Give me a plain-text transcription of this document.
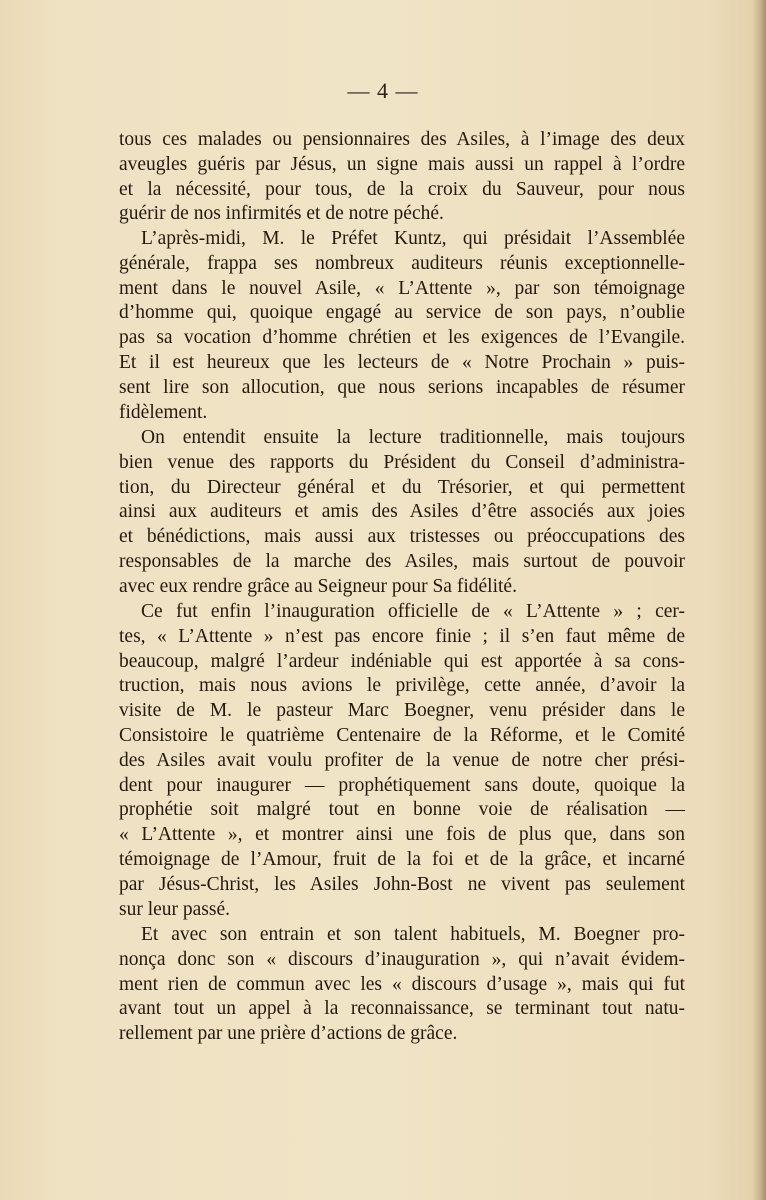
— 4 —
tous ces malades ou pensionnaires des Asiles, à l’image des deux
aveugles guéris par Jésus, un signe mais aussi un rappel à l’ordre
et la nécessité, pour tous, de la croix du Sauveur, pour nous
guérir de nos infirmités et de notre péché.
L’après-midi, M. le Préfet Kuntz, qui présidait l’Assemblée
générale, frappa ses nombreux auditeurs réunis exceptionnelle-
ment dans le nouvel Asile, « L’Attente », par son témoignage
d’homme qui, quoique engagé au service de son pays, n’oublie
pas sa vocation d’homme chrétien et les exigences de l’Evangile.
Et il est heureux que les lecteurs de « Notre Prochain » puis-
sent lire son allocution, que nous serions incapables de résumer
fidèlement.
On entendit ensuite la lecture traditionnelle, mais toujours
bien venue des rapports du Président du Conseil d’administra-
tion, du Directeur général et du Trésorier, et qui permettent
ainsi aux auditeurs et amis des Asiles d’être associés aux joies
et bénédictions, mais aussi aux tristesses ou préoccupations des
responsables de la marche des Asiles, mais surtout de pouvoir
avec eux rendre grâce au Seigneur pour Sa fidélité.
Ce fut enfin l’inauguration officielle de « L’Attente » ; cer-
tes, « L’Attente » n’est pas encore finie ; il s’en faut même de
beaucoup, malgré l’ardeur indéniable qui est apportée à sa cons-
truction, mais nous avions le privilège, cette année, d’avoir la
visite de M. le pasteur Marc Boegner, venu présider dans le
Consistoire le quatrième Centenaire de la Réforme, et le Comité
des Asiles avait voulu profiter de la venue de notre cher prési-
dent pour inaugurer — prophétiquement sans doute, quoique la
prophétie soit malgré tout en bonne voie de réalisation —
« L’Attente », et montrer ainsi une fois de plus que, dans son
témoignage de l’Amour, fruit de la foi et de la grâce, et incarné
par Jésus-Christ, les Asiles John-Bost ne vivent pas seulement
sur leur passé.
Et avec son entrain et son talent habituels, M. Boegner pro-
nonça donc son « discours d’inauguration », qui n’avait évidem-
ment rien de commun avec les « discours d’usage », mais qui fut
avant tout un appel à la reconnaissance, se terminant tout natu-
rellement par une prière d’actions de grâce.
